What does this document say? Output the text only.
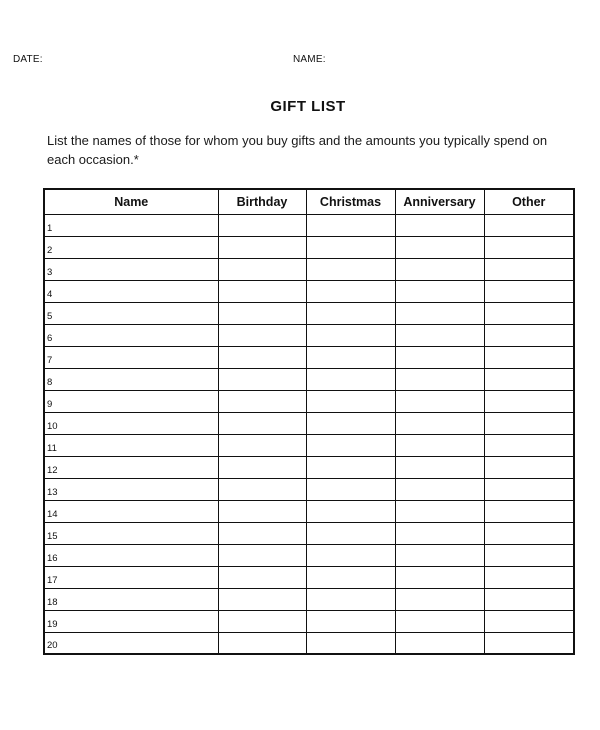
DATE:	NAME:
GIFT LIST
List the names of those for whom you buy gifts and the amounts you typically spend on each occasion.*
Name	Birthday	Christmas	Anniversary	Other
1				
2				
3				
4				
5				
6				
7				
8				
9				
10				
11				
12				
13				
14				
15				
16				
17				
18				
19				
20				
